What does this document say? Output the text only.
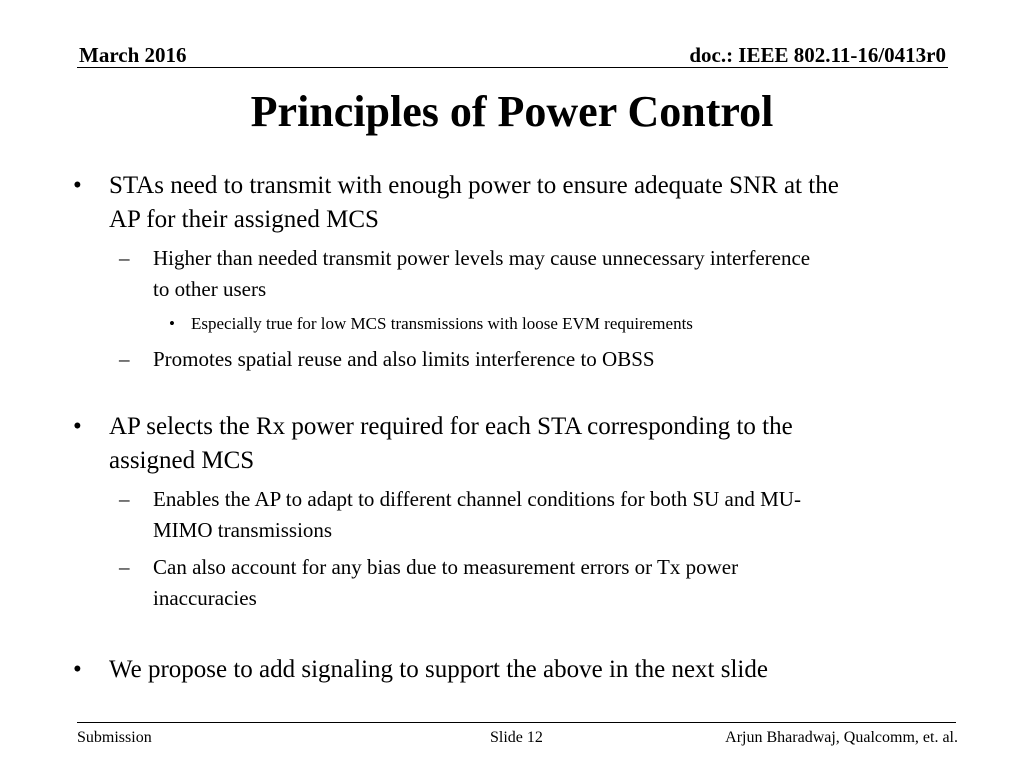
March 2016	doc.: IEEE 802.11-16/0413r0
Principles of Power Control
• STAs need to transmit with enough power to ensure adequate SNR at the
AP for their assigned MCS
– Higher than needed transmit power levels may cause unnecessary interference
to other users
• Especially true for low MCS transmissions with loose EVM requirements
– Promotes spatial reuse and also limits interference to OBSS
• AP selects the Rx power required for each STA corresponding to the
assigned MCS
– Enables the AP to adapt to different channel conditions for both SU and MU-
MIMO transmissions
– Can also account for any bias due to measurement errors or Tx power
inaccuracies
• We propose to add signaling to support the above in the next slide
Submission	Slide 12	Arjun Bharadwaj, Qualcomm, et. al.
